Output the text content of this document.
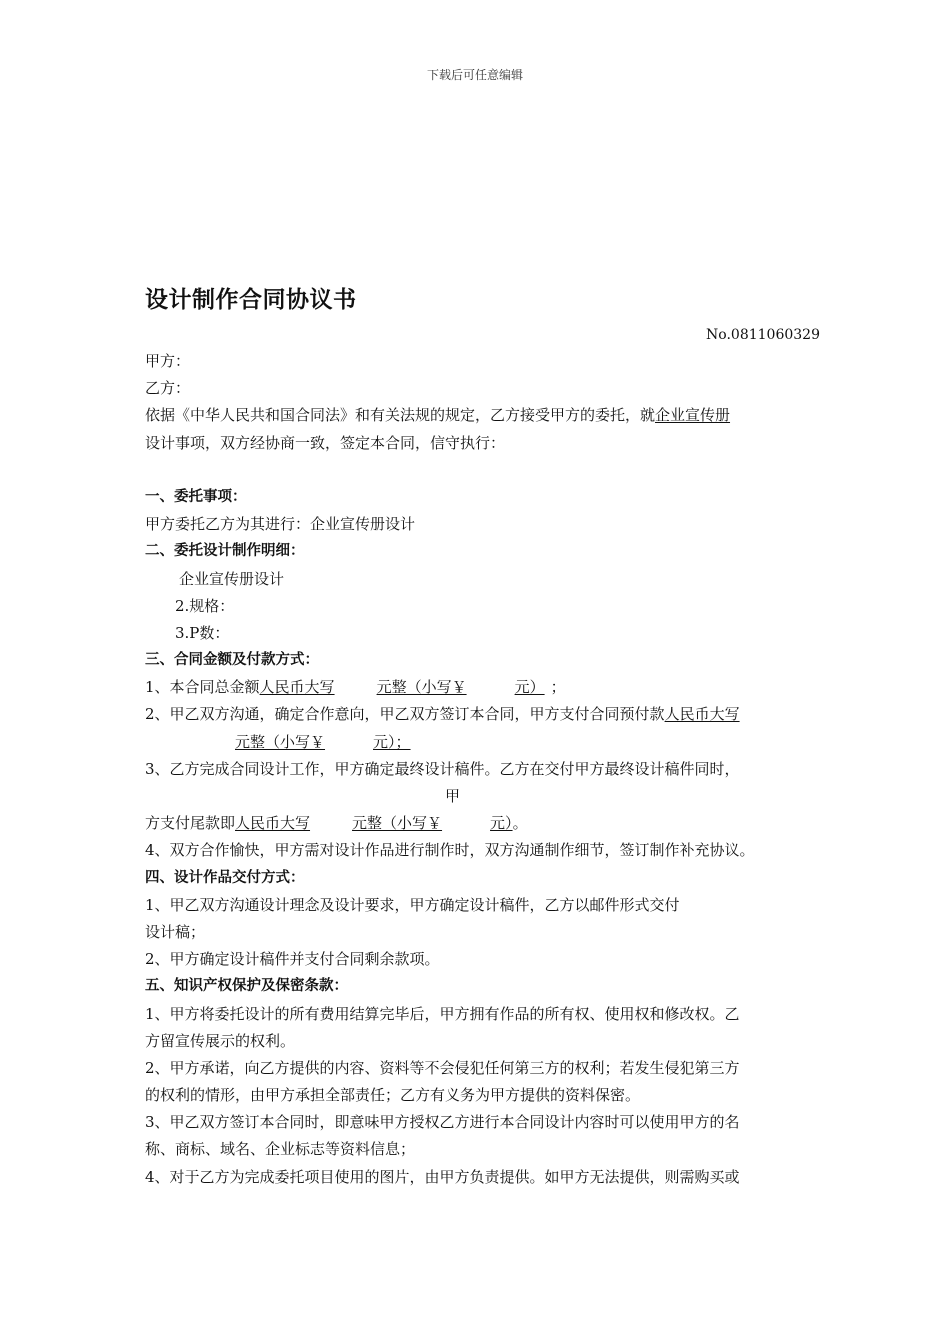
下载后可任意编辑
设计制作合同协议书
No.0811060329
甲方：
乙方：
依据《中华人民共和国合同法》和有关法规的规定，乙方接受甲方的委托，就企业宣传册
设计事项，双方经协商一致，签定本合同，信守执行：
一、委托事项：
甲方委托乙方为其进行：企业宣传册设计
二、委托设计制作明细：
企业宣传册设计
2.规格：
3.P数：
三、合同金额及付款方式：
1、本合同总金额人民币大写	元整（小写￥	元） ；
2、甲乙双方沟通，确定合作意向，甲乙双方签订本合同，甲方支付合同预付款人民币大写
元整（小写￥	元）；
3、乙方完成合同设计工作，甲方确定最终设计稿件。乙方在交付甲方最终设计稿件同时，
甲
方支付尾款即人民币大写	元整（小写￥	元）。
4、双方合作愉快，甲方需对设计作品进行制作时，双方沟通制作细节，签订制作补充协议。
四、设计作品交付方式：
1、甲乙双方沟通设计理念及设计要求，甲方确定设计稿件，乙方以邮件形式交付
设计稿；
2、甲方确定设计稿件并支付合同剩余款项。
五、知识产权保护及保密条款：
1、甲方将委托设计的所有费用结算完毕后，甲方拥有作品的所有权、使用权和修改权。乙
方留宣传展示的权利。
2、甲方承诺，向乙方提供的内容、资料等不会侵犯任何第三方的权利；若发生侵犯第三方
的权利的情形，由甲方承担全部责任；乙方有义务为甲方提供的资料保密。
3、甲乙双方签订本合同时，即意味甲方授权乙方进行本合同设计内容时可以使用甲方的名
称、商标、域名、企业标志等资料信息；
4、对于乙方为完成委托项目使用的图片，由甲方负责提供。如甲方无法提供，则需购买或
